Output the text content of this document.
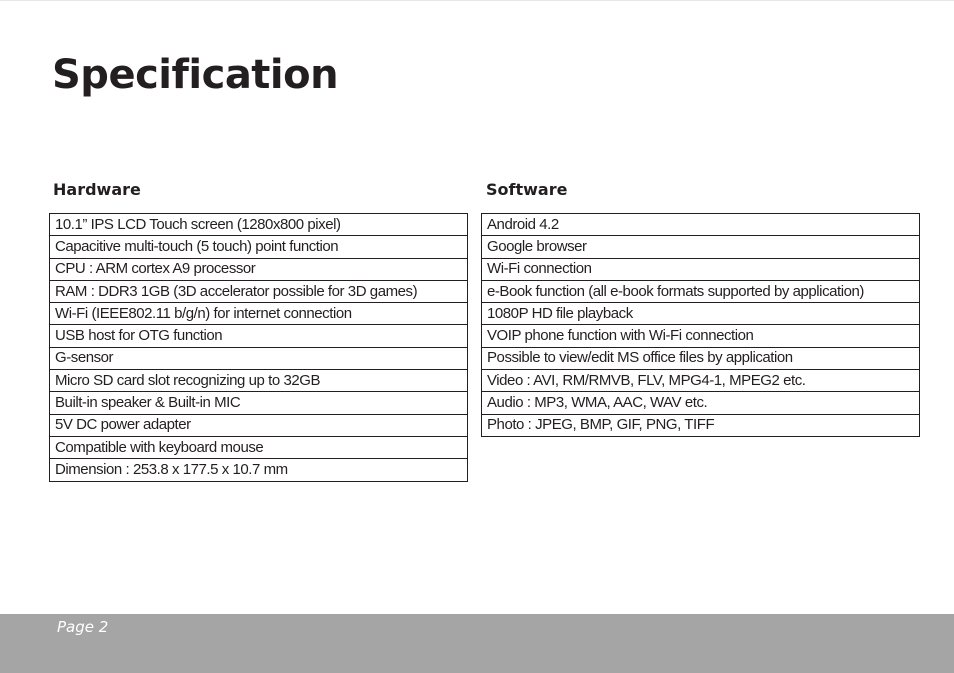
Specification
Hardware	Software
10.1” IPS LCD Touch screen (1280x800 pixel)
Capacitive multi-touch (5 touch) point function
CPU : ARM cortex A9 processor
RAM : DDR3 1GB (3D accelerator possible for 3D games)
Wi-Fi (IEEE802.11 b/g/n) for internet connection
USB host for OTG function
G-sensor
Micro SD card slot recognizing up to 32GB
Built-in speaker & Built-in MIC
5V DC power adapter
Compatible with keyboard mouse
Dimension : 253.8 x 177.5 x 10.7 mm
Android 4.2
Google browser
Wi-Fi connection
e-Book function (all e-book formats supported by application)
1080P HD file playback
VOIP phone function with Wi-Fi connection
Possible to view/edit MS office files by application
Video : AVI, RM/RMVB, FLV, MPG4-1, MPEG2 etc.
Audio : MP3, WMA, AAC, WAV etc.
Photo : JPEG, BMP, GIF, PNG, TIFF
Page 2
